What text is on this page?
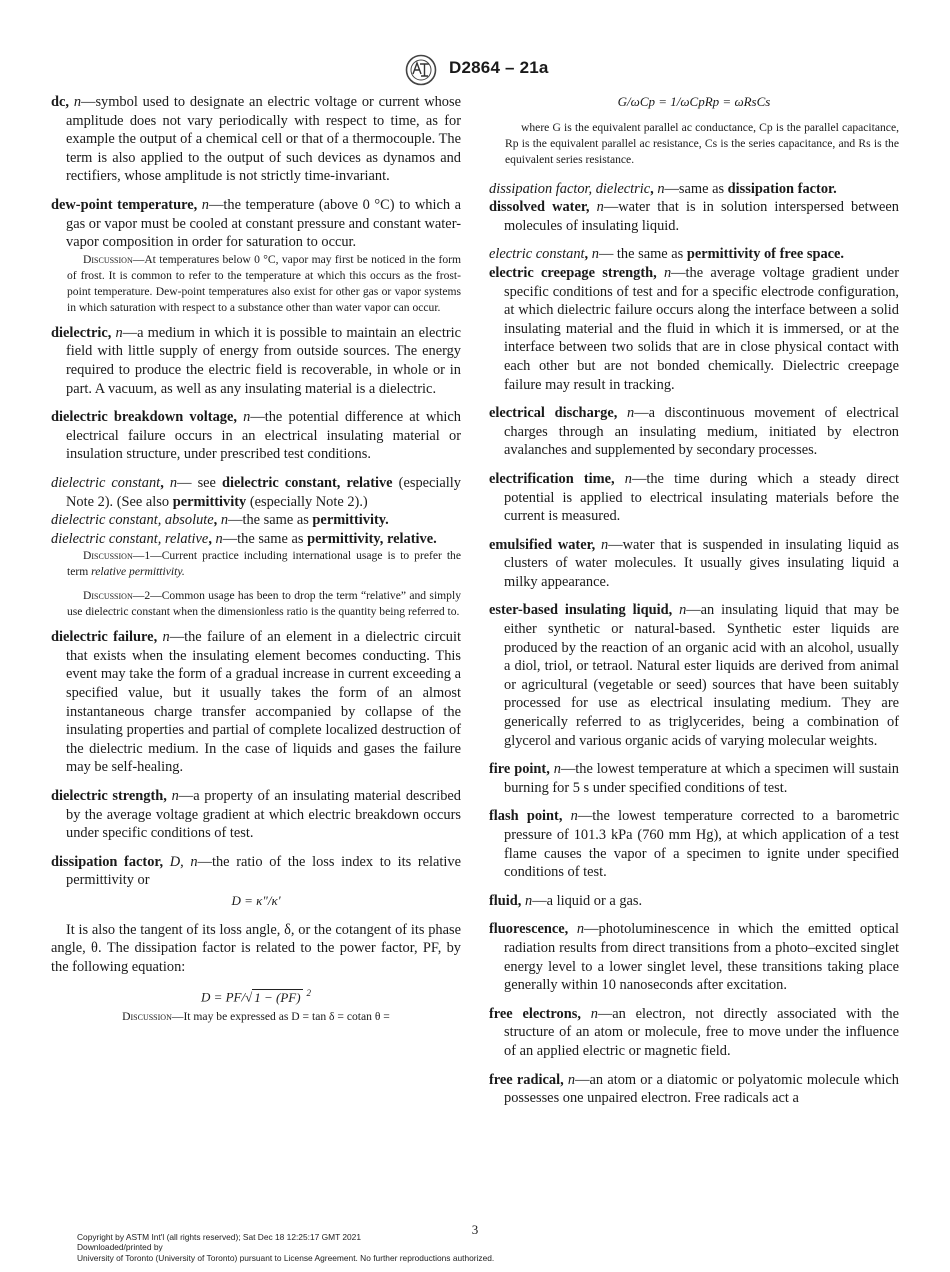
D2864 – 21a

dc, n—symbol used to designate an electric voltage or current whose amplitude does not vary periodically with respect to time, as for example the output of a chemical cell or that of a thermocouple. The term is also applied to the output of such devices as dynamos and rectifiers, whose amplitude is not strictly time-invariant.

dew-point temperature, n—the temperature (above 0 °C) to which a gas or vapor must be cooled at constant pressure and constant water-vapor composition in order for saturation to occur.

Discussion—At temperatures below 0 °C, vapor may first be noticed in the form of frost. It is common to refer to the temperature at which this occurs as the frost-point temperature. Dew-point temperatures also exist for other gas or vapor systems in which saturation with respect to a substance other than water vapor can occur.

dielectric, n—a medium in which it is possible to maintain an electric field with little supply of energy from outside sources. The energy required to produce the electric field is recoverable, in whole or in part. A vacuum, as well as any insulating material is a dielectric.

dielectric breakdown voltage, n—the potential difference at which electrical failure occurs in an electrical insulating material or insulation structure, under prescribed test conditions.

dielectric constant, n— see dielectric constant, relative (especially Note 2). (See also permittivity (especially Note 2).)

dielectric constant, absolute, n—the same as permittivity.

dielectric constant, relative, n—the same as permittivity, relative.

Discussion—1—Current practice including international usage is to prefer the term relative permittivity.

Discussion—2—Common usage has been to drop the term “relative” and simply use dielectric constant when the dimensionless ratio is the quantity being referred to.

dielectric failure, n—the failure of an element in a dielectric circuit that exists when the insulating element becomes conducting. This event may take the form of a gradual increase in current exceeding a specified value, but it usually takes the form of an almost instantaneous charge transfer accompanied by collapse of the insulating properties and partial of complete localized destruction of the dielectric medium. In the case of liquids and gases the failure may be self-healing.

dielectric strength, n—a property of an insulating material described by the average voltage gradient at which electric breakdown occurs under specific conditions of test.

dissipation factor, D, n—the ratio of the loss index to its relative permittivity or

D = κ"/κ'

It is also the tangent of its loss angle, δ, or the cotangent of its phase angle, θ. The dissipation factor is related to the power factor, PF, by the following equation:

D = PF/√ 1 − (PF) $^2$

Discussion—It may be expressed as D = tan δ = cotan θ =

G/ωCp = 1/ωCpRp = ωRsCs

where G is the equivalent parallel ac conductance, Cp is the parallel capacitance, Rp is the equivalent parallel ac resistance, Cs is the series capacitance, and Rs is the equivalent series resistance.

dissipation factor, dielectric, n—same as dissipation factor.

dissolved water, n—water that is in solution interspersed between molecules of insulating liquid.

electric constant, n— the same as permittivity of free space.

electric creepage strength, n—the average voltage gradient under specific conditions of test and for a specific electrode configuration, at which dielectric failure occurs along the interface between a solid insulating material and the fluid in which it is immersed, or at the interface between two solids that are in close physical contact with each other but are not bonded chemically. Dielectric creepage failure may result in tracking.

electrical discharge, n—a discontinuous movement of electrical charges through an insulating medium, initiated by electron avalanches and supplemented by secondary processes.

electrification time, n—the time during which a steady direct potential is applied to electrical insulating materials before the current is measured.

emulsified water, n—water that is suspended in insulating liquid as clusters of water molecules. It usually gives insulating liquid a milky appearance.

ester-based insulating liquid, n—an insulating liquid that may be either synthetic or natural-based. Synthetic ester liquids are produced by the reaction of an organic acid with an alcohol, usually a diol, triol, or tetraol. Natural ester liquids are derived from animal or agricultural (vegetable or seed) sources that have been suitably processed for use as electrical insulating medium. They are generically referred to as triglycerides, being a combination of glycerol and various organic acids of varying molecular weights.

fire point, n—the lowest temperature at which a specimen will sustain burning for 5 s under specified conditions of test.

flash point, n—the lowest temperature corrected to a barometric pressure of 101.3 kPa (760 mm Hg), at which application of a test flame causes the vapor of a specimen to ignite under specified conditions of test.

fluid, n—a liquid or a gas.

fluorescence, n—photoluminescence in which the emitted optical radiation results from direct transitions from a photo–excited singlet energy level to a lower singlet level, these transitions taking place generally within 10 nanoseconds after excitation.

free electrons, n—an electron, not directly associated with the structure of an atom or molecule, free to move under the influence of an applied electric or magnetic field.

free radical, n—an atom or a diatomic or polyatomic molecule which possesses one unpaired electron. Free radicals act a

3
Copyright by ASTM Int'l (all rights reserved); Sat Dec 18 12:25:17 GMT 2021
Downloaded/printed by
University of Toronto (University of Toronto) pursuant to License Agreement. No further reproductions authorized.
